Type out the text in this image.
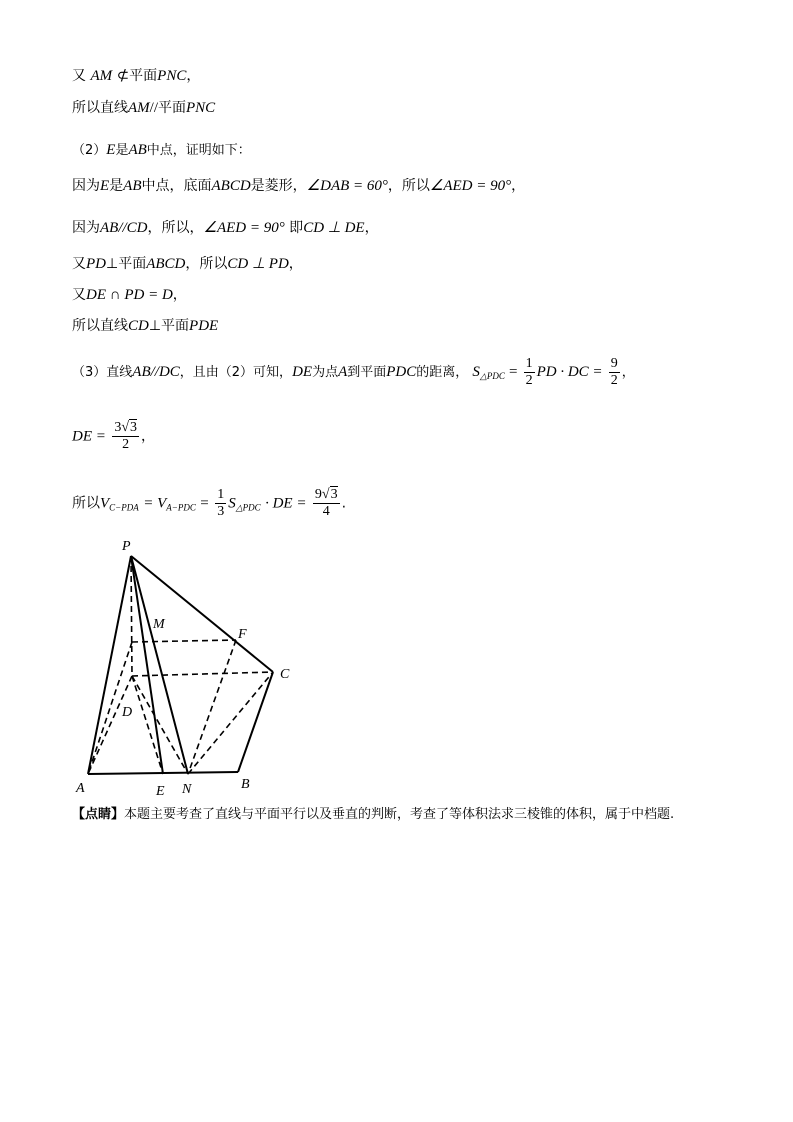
又 AM ⊄平面PNC，
所以直线AM//平面PNC
（2）E是AB中点，证明如下：
因为E是AB中点，底面ABCD是菱形，∠DAB = 60°，所以∠AED = 90°，
因为AB//CD，所以，∠AED = 90° 即CD ⊥ DE，
又PD⊥平面ABCD，所以CD ⊥ PD，
又DE ∩ PD = D，
所以直线CD⊥平面PDE
（3）直线AB//DC，且由（2）可知，DE为点A到平面PDC的距离， $S_{\triangle PDC} = \frac{1}{2}$ PD · DC = $\frac{9}{2}$ ，
DE = $\frac{3√3}{2}$ ，
所以$V_{C-PDA} = V_{A-PDC} = \frac{1}{3} S_{\triangle PDC}$ · DE = $\frac{9√3}{4}$ .
P
M
F
C
D
A	E N	B
【点睛】本题主要考查了直线与平面平行以及垂直的判断，考查了等体积法求三棱锥的体积，属于中档题.
